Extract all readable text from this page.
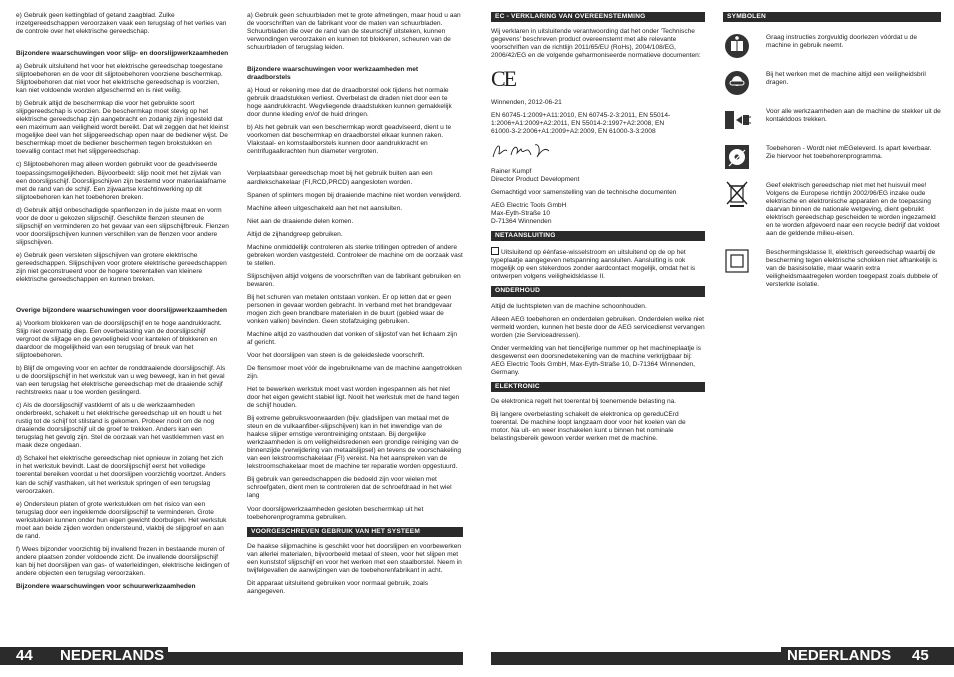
e) Gebruik geen kettingblad of getand zaagblad. Zulke inzetgereedschappen veroorzaken vaak een terugslag of het verlies van de controle over het elektrische gereedschap.

Bijzondere waarschuwingen voor slijp- en doorslijpwerkzaamheden

a) Gebruik uitsluitend het voor het elektrische gereedschap toegestane slijptoebehoren en de voor dit slijptoebehoren voorziene beschermkap. Slijptoebehoren dat niet voor het elektrische gereedschap is voorzien, kan niet voldoende worden afgeschermd en is niet veilig.

b) Gebruik altijd de beschermkap die voor het gebruikte soort slijpgereedschap is voorzien. De beschermkap moet stevig op het elektrische gereedschap zijn aangebracht en zodanig zijn ingesteld dat een maximum aan veiligheid wordt bereikt. Dat wil zeggen dat het kleinst mogelijke deel van het slijpgereedschap open naar de bediener wijst. De beschermkap moet de bediener beschermen tegen brokstukken en toevallig contact met het slijpgereedschap.

c) Slijptoebehoren mag alleen worden gebruikt voor de geadviseerde toepassingsmogelijkheden. Bijvoorbeeld: slijp nooit met het zijvlak van een doorslijpschijf. Doorslijpschijven zijn bestemd voor materiaalafname met de rand van de schijf. Een zijwaartse krachtinwerking op dit slijptoebehoren kan het toebehoren breken.

d) Gebruik altijd onbeschadigde spanflenzen in de juiste maat en vorm voor de door u gekozen slijpschijf. Geschikte flenzen steunen de slijpschijf en verminderen zo het gevaar van een slijpschijfbreuk. Flenzen voor doorslijpschijven kunnen verschillen van de flenzen voor andere slijpschijven.

e) Gebruik geen versleten slijpschijven van grotere elektrische gereedschappen. Slijpschijven voor grotere elektrische gereedschappen zijn niet geconstrueerd voor de hogere toerentallen van kleinere elektrische gereedschappen en kunnen breken.

Overige bijzondere waarschuwingen voor doorslijpwerkzaamheden

a) Voorkom blokkeren van de doorslijpschijf en te hoge aandrukkracht. Slijp niet overmatig diep. Een overbelasting van de doorslijpschijf vergroot de slijtage en de gevoeligheid voor kantelen of blokkeren en daardoor de mogelijkheid van een terugslag of breuk van het slijptoebehoren.

b) Blijf de omgeving voor en achter de ronddraaiende doorslijpschijf. Als u de doorslijpschijf in het werkstuk van u weg beweegt, kan in het geval van een terugslag het elektrische gereedschap met de draaiende schijf rechtstreeks naar u toe worden geslingerd.

c) Als de doorslijpschijf vastklemt of als u de werkzaamheden onderbreekt, schakelt u het elektrische gereedschap uit en houdt u het rustig tot de schijf tot stilstand is gekomen. Probeer nooit om de nog draaiende doorslijpschijf uit de groef te trekken. Anders kan een terugslag het gevolg zijn. Stel de oorzaak van het vastklemmen vast en maak deze ongedaan.

d) Schakel het elektrische gereedschap niet opnieuw in zolang het zich in het werkstuk bevindt. Laat de doorslijpschijf eerst het volledige toerental bereiken voordat u het doorslijpen voorzichtig voortzet. Anders kan de schijf vasthaken, uit het werkstuk springen of een terugslag veroorzaken.

e) Ondersteun platen of grote werkstukken om het risico van een terugslag door een ingeklemde doorslijpschijf te verminderen. Grote werkstukken kunnen onder hun eigen gewicht doorbuigen. Het werkstuk moet aan beide zijden worden ondersteund, vlakbij de slijpgroef en aan de rand.

f) Wees bijzonder voorzichtig bij invallend frezen in bestaande muren of andere plaatsen zonder voldoende zicht. De invallende doorslijpschijf kan bij het doorslijpen van gas- of waterleidingen, elektrische leidingen of andere objecten een terugslag veroorzaken.

Bijzondere waarschuwingen voor schuurwerkzaamheden

a) Gebruik geen schuurbladen met te grote afmetingen, maar houd u aan de voorschriften van de fabrikant voor de maten van schuurbladen. Schuurbladen die over de rand van de steunschijf uitsteken, kunnen verwondingen veroorzaken en kunnen tot blokkeren, scheuren van de schuurbladen of terugslag leiden.

Bijzondere waarschuwingen voor werkzaamheden met draadborstels

a) Houd er rekening mee dat de draadborstel ook tijdens het normale gebruik draadstukken verliest. Overbelast de draden niet door een te hoge aandrukkracht. Wegvliegende draadstukken kunnen gemakkelijk door dunne kleding en/of de huid dringen.

b) Als het gebruik van een beschermkap wordt geadviseerd, dient u te voorkomen dat beschermkap en draadborstel elkaar kunnen raken. Vlakstaal- en komstaalborstels kunnen door aandrukkracht en centrifugaalkrachten hun diameter vergroten.

Verplaatsbaar gereedschap moet bij het gebruik buiten aan een aardlekschakelaar (FI,RCD,PRCD) aangesloten worden.

Spanen of splinters mogen bij draaiende machine niet worden verwijderd.

Machine alleen uitgeschakeld aan het net aansluiten.

Niet aan de draaiende delen komen.

Altijd de zijhandgreep gebruiken.

Machine onmiddellijk controleren als sterke trillingen optreden of andere gebreken worden vastgesteld. Controleer de machine om de oorzaak vast te stellen.

Slijpschijven altijd volgens de voorschriften van de fabrikant gebruiken en bewaren.

Bij het schuren van metalen ontstaan vonken. Er op letten dat er geen personen in gevaar worden gebracht. In verband met het brandgevaar mogen zich geen brandbare materialen in de buurt (gebied waar de vonken vallen) bevinden. Geen stofafzuiging gebruiken.

Machine altijd zo vasthouden dat vonken of slijpstof van het lichaam zijn af gericht.

Voor het doorslijpen van steen is de geleideslede voorschrift.

De flensmoer moet vóór de ingebruikname van de machine aangetrokken zijn.

Het te bewerken werkstuk moet vast worden ingespannen als het niet door het eigen gewicht stabiel ligt. Nooit het werkstuk met de hand tegen de schijf houden.

Bij extreme gebruiksvoorwaarden (bijv. gladslijpen van metaal met de steun en de vulkaanfiber-slijpschijven) kan in het inwendige van de haakse slijper ernstige verontreiniging ontstaan. Bij dergelijke werkzaamheden is om veiligheidsredenen een grondige reiniging van de binnenzijde (verwijdering van metaalslijpsel) en tevens de voorschakeling van een lekstroomschakelaar (FI) vereist. Na het aanspreken van de lekstroomschakelaar moet de machine ter reparatie worden opgestuurd.

Bij gebruik van gereedschappen die bedoeld zijn voor wielen met schroefgaten, dient men te controleren dat de schroefdraad in het wiel lang

Voor doorslijpwerkzaamheden gesloten beschermkap uit het toebehorenprogramma gebruiken.

VOORGESCHREVEN GEBRUIK VAN HET SYSTEEM

De haakse slijpmachine is geschikt voor het doorslijpen en voorbewerken van allerlei materialen, bijvoorbeeld metaal of steen, voor het slijpen met een kunststof slijpschijf en voor het werken met een staalborstel. Neem in twijfelgevallen de aanwijzingen van de toebehorenfabrikant in acht.

Dit apparaat uitsluitend gebruiken voor normaal gebruik, zoals aangegeven.

EC - VERKLARING VAN OVEREENSTEMMING

Wij verklaren in uitsluitende verantwoording dat het onder 'Technische gegevens' beschreven product overeenstemt met alle relevante voorschriften van de richtlijn 2011/65/EU (RoHs), 2004/108/EG, 2006/42/EG en de volgende geharmoniseerde normatieve documenten:

CE

Winnenden, 2012-06-21

EN 60745-1:2009+A11:2010, EN 60745-2-3:2011, EN 55014-1:2006+A1:2009+A2:2011, EN 55014-2:1997+A2:2008, EN 61000-3-2:2006+A1:2009+A2:2009, EN 61000-3-3:2008

Rainer Kumpf

Director Product Development

Gemachtigd voor samenstelling van de technische documenten

AEG Electric Tools GmbH

Max-Eyth-Straße 10

D-71364 Winnenden

NETAANSLUITING

Uitsluitend op éénfase-wisselstroom en uitsluitend op de op het typeplaatje aangegeven netspanning aansluiten. Aansluiting is ook mogelijk op een stekerdoos zonder aardcontact mogelijk, omdat het is ontwerpen volgens veiligheidsklasse II.

ONDERHOUD

Altijd de luchtspleten van de machine schoonhouden.

Alleen AEG toebehoren en onderdelen gebruiken. Onderdelen welke niet vermeld worden, kunnen het beste door de AEG servicedienst vervangen worden (zie Serviceadressen).

Onder vermelding van het tiencijferige nummer op het machineplaatje is desgewenst een doorsnedetekening van de machine verkrijgbaar bij: AEG Electric Tools GmbH, Max-Eyth-Straße 10, D-71364 Winnenden, Germany.

ELEKTRONIC

De elektronica regelt het toerental bij toenemende belasting na.

Bij langere overbelasting schakelt de elektronica op gereduCErd toerental. De machine loopt langzaam door voor het koelen van de motor. Na uit- en weer inschakelen kunt u binnen het nominale belastingsbereik gewoon verder werken met de machine.

SYMBOLEN
Graag instructies zorgvuldig doorlezen vóórdat u de machine in gebruik neemt.
Bij het werken met de machine altijd een veiligheidsbril dragen.
Voor alle werkzaamheden aan de machine de stekker uit de kontaktdoos trekken.
Toebehoren - Wordt niet mEGeleverd. Is apart leverbaar. Zie hiervoor het toebehorenprogramma.
Geef elektrisch gereedschap niet met het huisvuil mee! Volgens de Europese richtlijn 2002/96/EG inzake oude elektrische en elektronische apparaten en de toepassing daarvan binnen de nationale wetgeving, dient gebruikt elektrisch gereedschap gescheiden te worden ingezameld en te worden afgevoerd naar een recycle bedrijf dat voldoet aan de geldende milieu-eisen.
Beschermingsklasse II, elektrisch gereedschap waarbij de bescherming tegen elektrische schokken niet afhankelijk is van de basisisolatie, maar waarin extra veiligheidsmaatregelen worden toegepast zoals dubbele of versterkte isolatie.
44 NEDERLANDS	NEDERLANDS 45
